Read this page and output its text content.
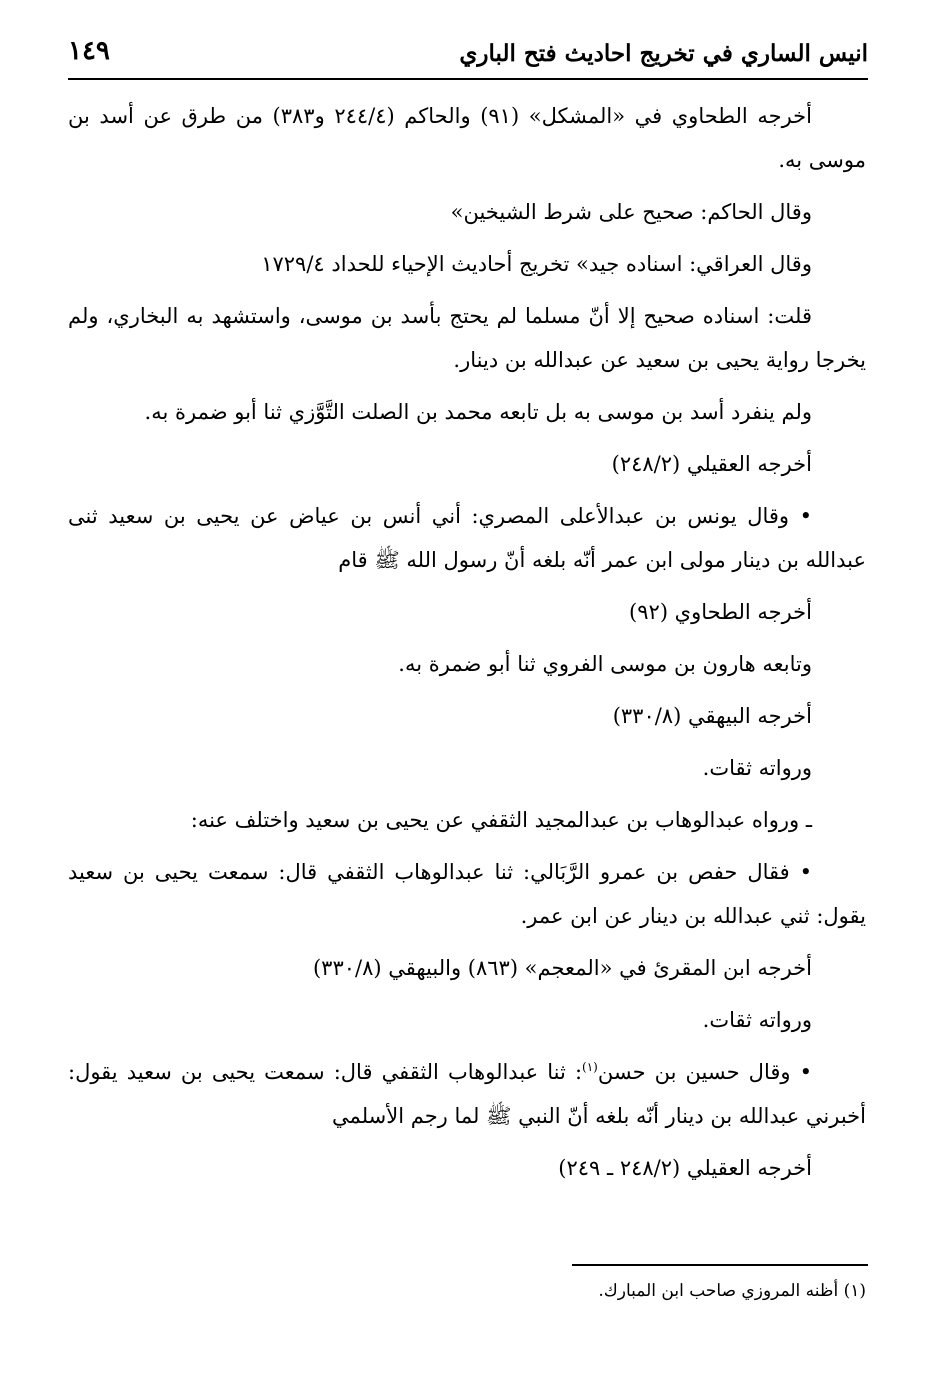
انيس الساري في تخريج احاديث فتح الباري
١٤٩

أخرجه الطحاوي في «المشكل» (٩١) والحاكم (٢٤٤/٤ و٣٨٣) من طرق عن أسد بن موسى به.

وقال الحاكم: صحيح على شرط الشيخين»

وقال العراقي: اسناده جيد» تخريج أحاديث الإحياء للحداد ١٧٢٩/٤

قلت: اسناده صحيح إلا أنّ مسلما لم يحتج بأسد بن موسى، واستشهد به البخاري، ولم يخرجا رواية يحيى بن سعيد عن عبدالله بن دينار.

ولم ينفرد أسد بن موسى به بل تابعه محمد بن الصلت التَّوَّزي ثنا أبو ضمرة به.

أخرجه العقيلي (٢٤٨/٢)

• وقال يونس بن عبدالأعلى المصري: أني أنس بن عياض عن يحيى بن سعيد ثنى عبدالله بن دينار مولى ابن عمر أنّه بلغه أنّ رسول الله ﷺ قام

أخرجه الطحاوي (٩٢)

وتابعه هارون بن موسى الفروي ثنا أبو ضمرة به.

أخرجه البيهقي (٣٣٠/٨)

ورواته ثقات.

ـ ورواه عبدالوهاب بن عبدالمجيد الثقفي عن يحيى بن سعيد واختلف عنه:

• فقال حفص بن عمرو الرَّبَالي: ثنا عبدالوهاب الثقفي قال: سمعت يحيى بن سعيد يقول: ثني عبدالله بن دينار عن ابن عمر.

أخرجه ابن المقرئ في «المعجم» (٨٦٣) والبيهقي (٣٣٠/٨)

ورواته ثقات.

• وقال حسين بن حسن$^{(١)}$: ثنا عبدالوهاب الثقفي قال: سمعت يحيى بن سعيد يقول: أخبرني عبدالله بن دينار أنّه بلغه أنّ النبي ﷺ لما رجم الأسلمي

أخرجه العقيلي (٢٤٨/٢ ـ ٢٤٩)

(١) أظنه المروزي صاحب ابن المبارك.
